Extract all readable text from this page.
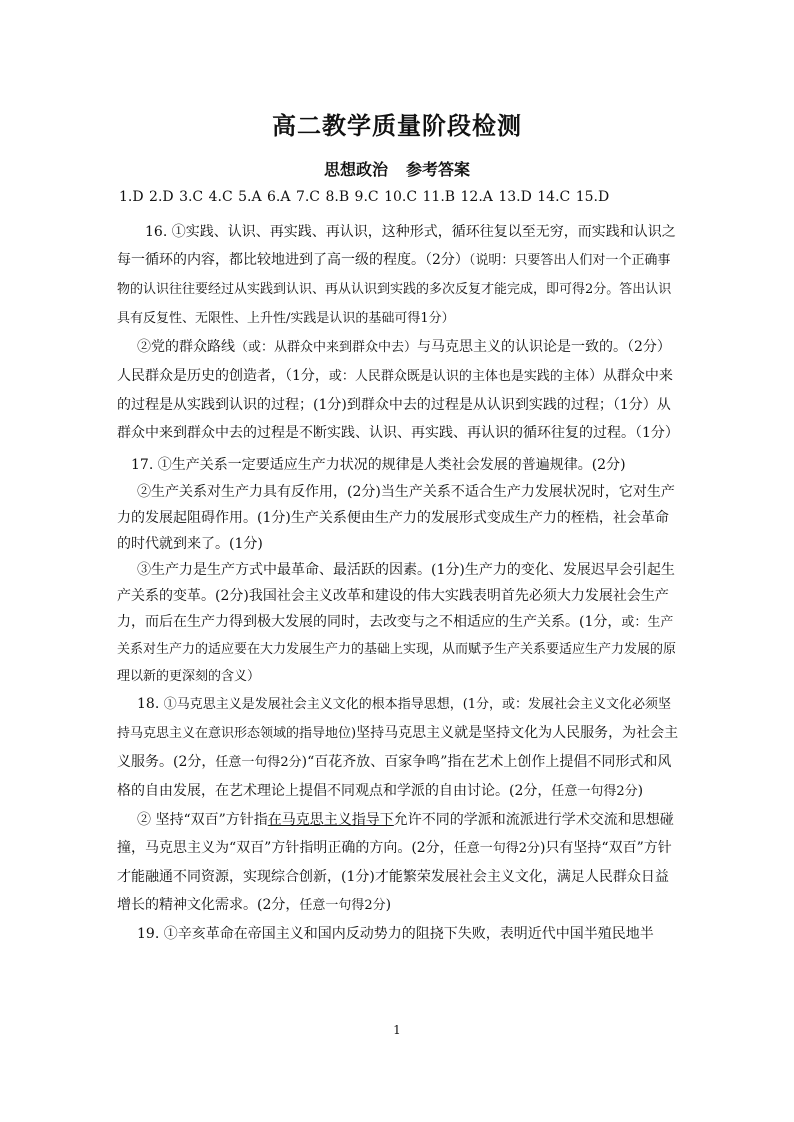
高二教学质量阶段检测
思想政治 参考答案
1.D 2.D 3.C 4.C 5.A 6.A 7.C 8.B 9.C 10.C 11.B 12.A 13.D 14.C 15.D

16. ①实践、认识、再实践、再认识，这种形式，循环往复以至无穷，而实践和认识之每一循环的内容，都比较地进到了高一级的程度。（2分）（说明：只要答出人们对一个正确事物的认识往往要经过从实践到认识、再从认识到实践的多次反复才能完成，即可得2分。答出认识具有反复性、无限性、上升性/实践是认识的基础可得1分）

②党的群众路线（或：从群众中来到群众中去）与马克思主义的认识论是一致的。（2分）人民群众是历史的创造者，（1分，或：人民群众既是认识的主体也是实践的主体）从群众中来的过程是从实践到认识的过程；(1分)到群众中去的过程是从认识到实践的过程；（1分）从群众中来到群众中去的过程是不断实践、认识、再实践、再认识的循环往复的过程。（1分）

17. ①生产关系一定要适应生产力状况的规律是人类社会发展的普遍规律。(2分)

②生产关系对生产力具有反作用，(2分)当生产关系不适合生产力发展状况时，它对生产力的发展起阻碍作用。(1分)生产关系便由生产力的发展形式变成生产力的桎梏，社会革命的时代就到来了。(1分)

③生产力是生产方式中最革命、最活跃的因素。(1分)生产力的变化、发展迟早会引起生产关系的变革。(2分)我国社会主义改革和建设的伟大实践表明首先必须大力发展社会生产力，而后在生产力得到极大发展的同时，去改变与之不相适应的生产关系。(1分，或：生产关系对生产力的适应要在大力发展生产力的基础上实现，从而赋予生产关系要适应生产力发展的原理以新的更深刻的含义）

18. ①马克思主义是发展社会主义文化的根本指导思想，(1分，或：发展社会主义文化必须坚持马克思主义在意识形态领域的指导地位)坚持马克思主义就是坚持文化为人民服务，为社会主义服务。(2分，任意一句得2分)“百花齐放、百家争鸣”指在艺术上创作上提倡不同形式和风格的自由发展，在艺术理论上提倡不同观点和学派的自由讨论。(2分，任意一句得2分)

② 坚持“双百”方针指在马克思主义指导下允许不同的学派和流派进行学术交流和思想碰撞，马克思主义为“双百”方针指明正确的方向。(2分，任意一句得2分)只有坚持“双百”方针才能融通不同资源，实现综合创新，(1分)才能繁荣发展社会主义文化，满足人民群众日益增长的精神文化需求。(2分，任意一句得2分)

19. ①辛亥革命在帝国主义和国内反动势力的阻挠下失败，表明近代中国半殖民地半

1
